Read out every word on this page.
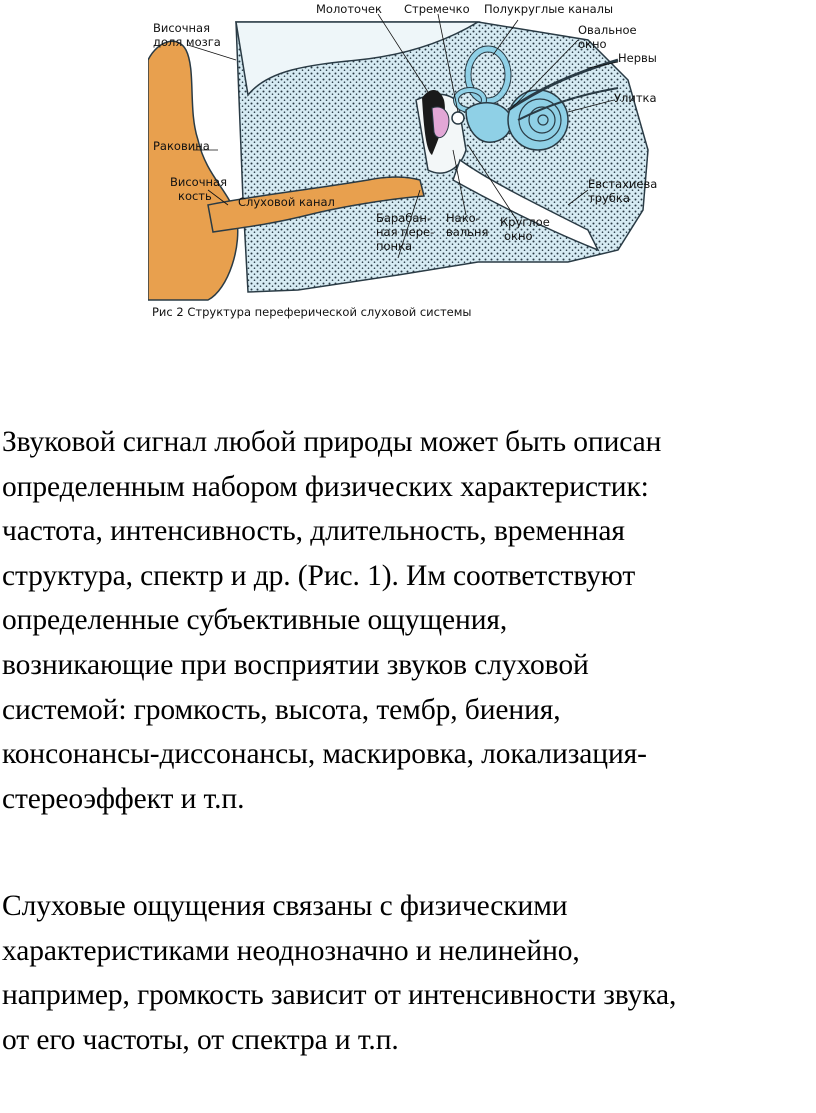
Височная доля мозга
Молоточек Стремечко Полукруглые каналы
Овальное окно
Нервы
Улитка
Раковина
Височная кость	Слуховой канал
Евстахиева трубка
Барабан-ная пере-понка
Нако-вальня
Круглое окно
Рис 2 Структура переферической слуховой системы

Звуковой сигнал любой природы может быть описан

определенным набором физических характеристик:

частота, интенсивность, длительность, временная

структура, спектр и др. (Рис. 1). Им соответствуют

определенные субъективные ощущения,

возникающие при восприятии звуков слуховой

системой: громкость, высота, тембр, биения,

консонансы-диссонансы, маскировка, локализация-

стереоэффект и т.п.

Слуховые ощущения связаны с физическими

характеристиками неоднозначно и нелинейно,

например, громкость зависит от интенсивности звука,

от его частоты, от спектра и т.п.
